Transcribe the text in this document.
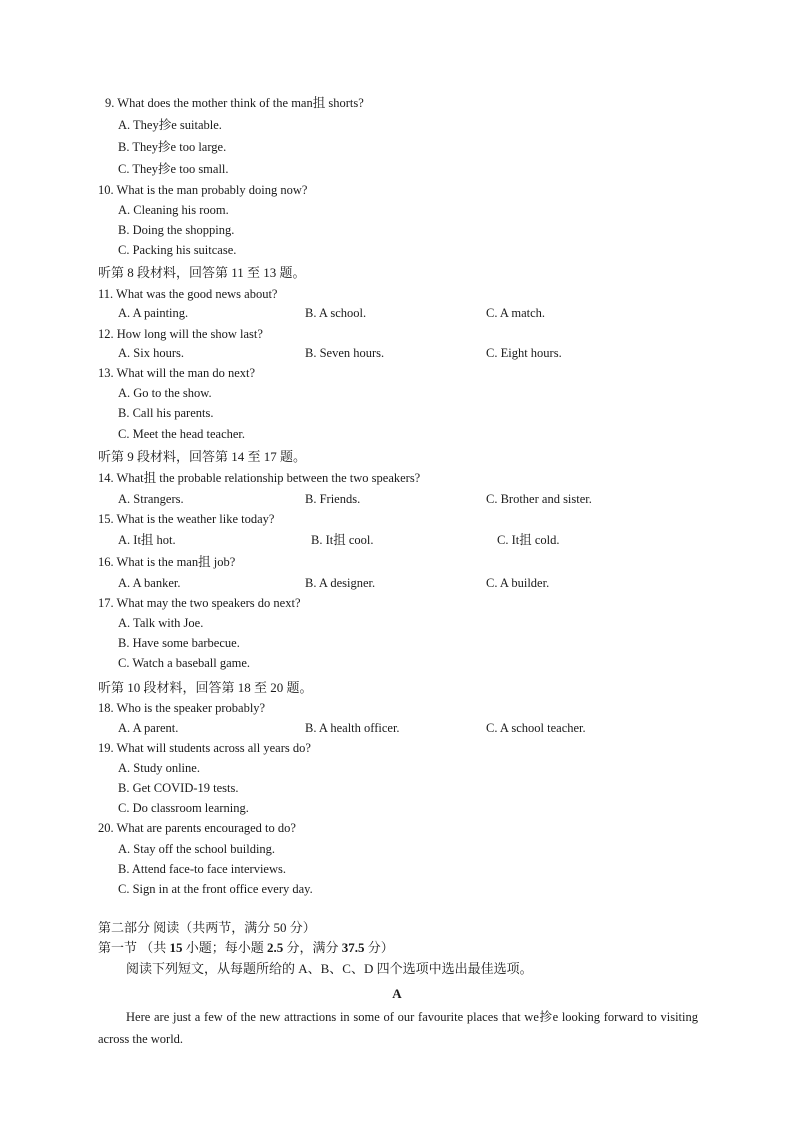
9. What does the mother think of the man抯 shorts?
A. They抮e suitable.
B. They抮e too large.
C. They抮e too small.
10. What is the man probably doing now?
A. Cleaning his room.
B. Doing the shopping.
C. Packing his suitcase.
听第 8 段材料，回答第 11 至 13 题。
11. What was the good news about?
A. A painting.	B. A school.	C. A match.
12. How long will the show last?
A. Six hours.	B. Seven hours.	C. Eight hours.
13. What will the man do next?
A. Go to the show.
B. Call his parents.
C. Meet the head teacher.
听第 9 段材料，回答第 14 至 17 题。
14. What抯 the probable relationship between the two speakers?
A. Strangers.	B. Friends.	C. Brother and sister.
15. What is the weather like today?
A. It抯 hot.	B. It抯 cool.	C. It抯 cold.
16. What is the man抯 job?
A. A banker.	B. A designer.	C. A builder.
17. What may the two speakers do next?
A. Talk with Joe.
B. Have some barbecue.
C. Watch a baseball game.
听第 10 段材料，回答第 18 至 20 题。
18. Who is the speaker probably?
A. A parent.	B. A health officer.	C. A school teacher.
19. What will students across all years do?
A. Study online.
B. Get COVID-19 tests.
C. Do classroom learning.
20. What are parents encouraged to do?
A. Stay off the school building.
B. Attend face-to face interviews.
C. Sign in at the front office every day.
第二部分 阅读（共两节，满分 50 分）
第一节 （共 15 小题；每小题 2.5 分，满分 37.5 分）
阅读下列短文，从每题所给的 A、B、C、D 四个选项中选出最佳选项。
A
Here are just a few of the new attractions in some of our favourite places that we抮e looking forward to visiting across the world.
